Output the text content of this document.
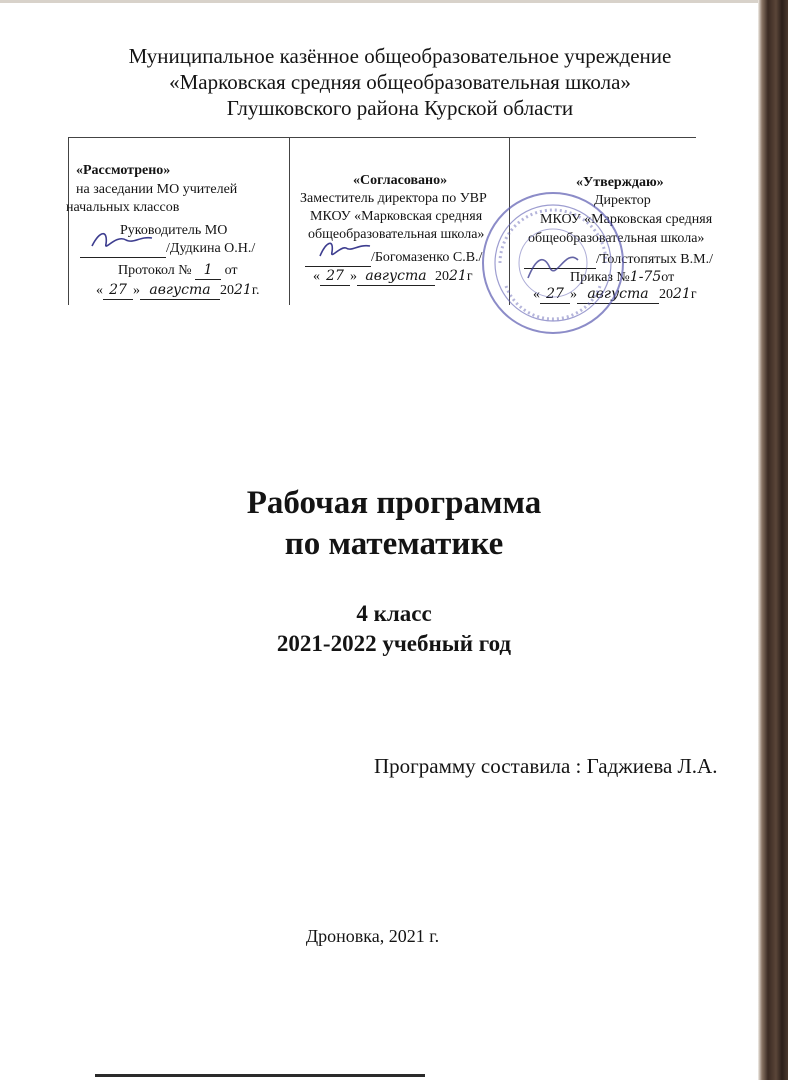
Муниципальное казённое общеобразовательное учреждение
«Марковская средняя общеобразовательная школа»
Глушковского района Курской области
«Рассмотрено»
на заседании МО учителей
начальных классов
Руководитель МО
/Дудкина О.Н./
Протокол № 1 от
« 27 » августа 2021г.
«Согласовано»
Заместитель директора по УВР
МКОУ «Марковская средняя
общеобразовательная школа»
/Богомазенко С.В./
« 27 » августа 2021г
«Утверждаю»
Директор
МКОУ «Марковская средняя
общеобразовательная школа»
/Толстопятых В.М./
Приказ №1-75от
« 27 » августа 2021г
Рабочая программа
по математике
4 класс
2021-2022 учебный год
Программу составила : Гаджиева Л.А.
Дроновка, 2021 г.
